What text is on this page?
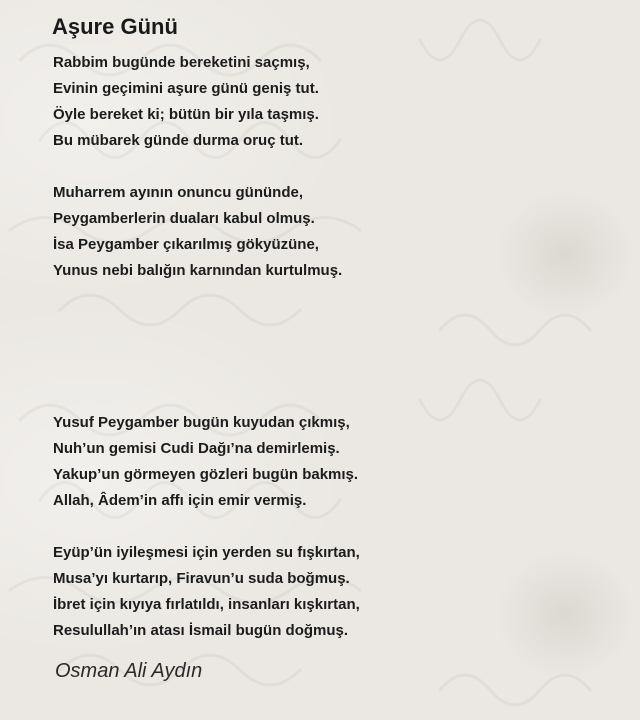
Aşure Günü
Rabbim bugünde bereketini saçmış,
Evinin geçimini aşure günü geniş tut.
Öyle bereket ki; bütün bir yıla taşmış.
Bu mübarek günde durma oruç tut.
Muharrem ayının onuncu gününde,
Peygamberlerin duaları kabul olmuş.
İsa Peygamber çıkarılmış gökyüzüne,
Yunus nebi balığın karnından kurtulmuş.
Yusuf Peygamber bugün kuyudan çıkmış,
Nuh’un gemisi Cudi Dağı’na demirlemiş.
Yakup’un görmeyen gözleri bugün bakmış.
Allah, Âdem’in affı için emir vermiş.
Eyüp’ün iyileşmesi için yerden su fışkırtan,
Musa’yı kurtarıp, Firavun’u suda boğmuş.
İbret için kıyıya fırlatıldı, insanları kışkırtan,
Resulullah’ın atası İsmail bugün doğmuş.
Osman Ali Aydın
